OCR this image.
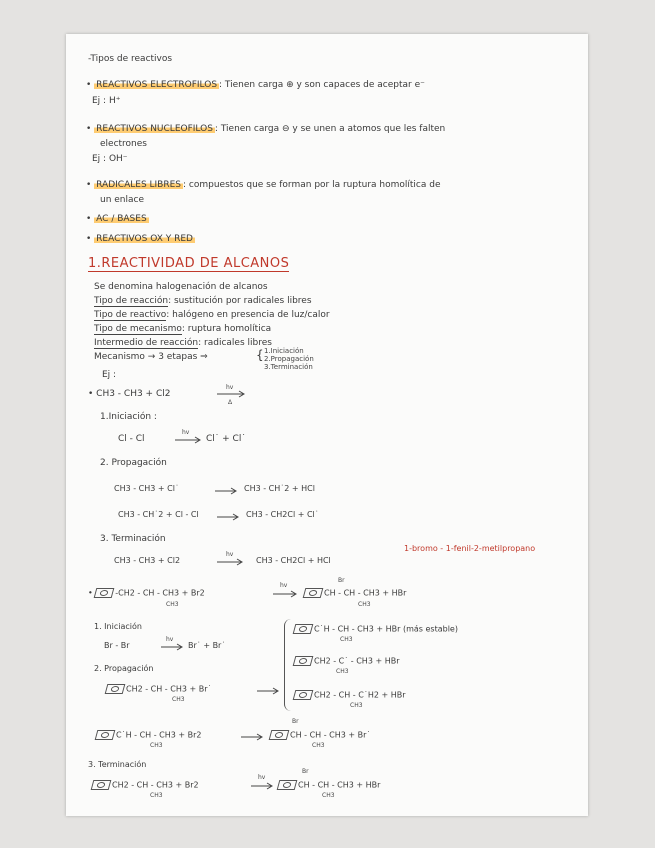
-Tipos de reactivos
• REACTIVOS ELECTROFILOS : Tienen carga ⊕ y son capaces de aceptar e⁻
Ej : H⁺
• REACTIVOS NUCLEOFILOS : Tienen carga ⊖ y se unen a atomos que les falten
electrones
Ej : OH⁻
• RADICALES LIBRES : compuestos que se forman por la ruptura homolítica de
un enlace
• AC / BASES
• REACTIVOS OX Y RED
1.REACTIVIDAD DE ALCANOS
Se denomina halogenación de alcanos
Tipo de reacción: sustitución por radicales libres
Tipo de reactivo: halógeno en presencia de luz/calor
Tipo de mecanismo: ruptura homolítica
Intermedio de reacción: radicales libres
Mecanismo → 3 etapas ⇒	{ 1.Iniciación
2.Propagación
3.Terminación
Ej :
• CH3 - CH3 + Cl2
hv
Δ
1.Iniciación :
Cl - Cl
hv
Cl˙ + Cl˙
2. Propagación
CH3 - CH3 + Cl˙	CH3 - CH˙2 + HCl
CH3 - CH˙2 + Cl - Cl	CH3 - CH2Cl + Cl˙
3. Terminación
CH3 - CH3 + Cl2
hv
CH3 - CH2Cl + HCl
1-bromo - 1-fenil-2-metilpropano
•	-CH2 - CH - CH3 + Br2
CH3
hv
CH - CH - CH3 + HBr
Br
CH3
1. Iniciación
Br - Br
hv
Br˙ + Br˙
2. Propagación
CH2 - CH - CH3 + Br˙
CH3
C˙H - CH - CH3 + HBr (más estable)
CH3
CH2 - C˙ - CH3 + HBr
CH3
CH2 - CH - C˙H2 + HBr
CH3
C˙H - CH - CH3 + Br2
CH3
CH - CH - CH3 + Br˙
Br
CH3
3. Terminación
CH2 - CH - CH3 + Br2
CH3
hv
CH - CH - CH3 + HBr
Br
CH3
